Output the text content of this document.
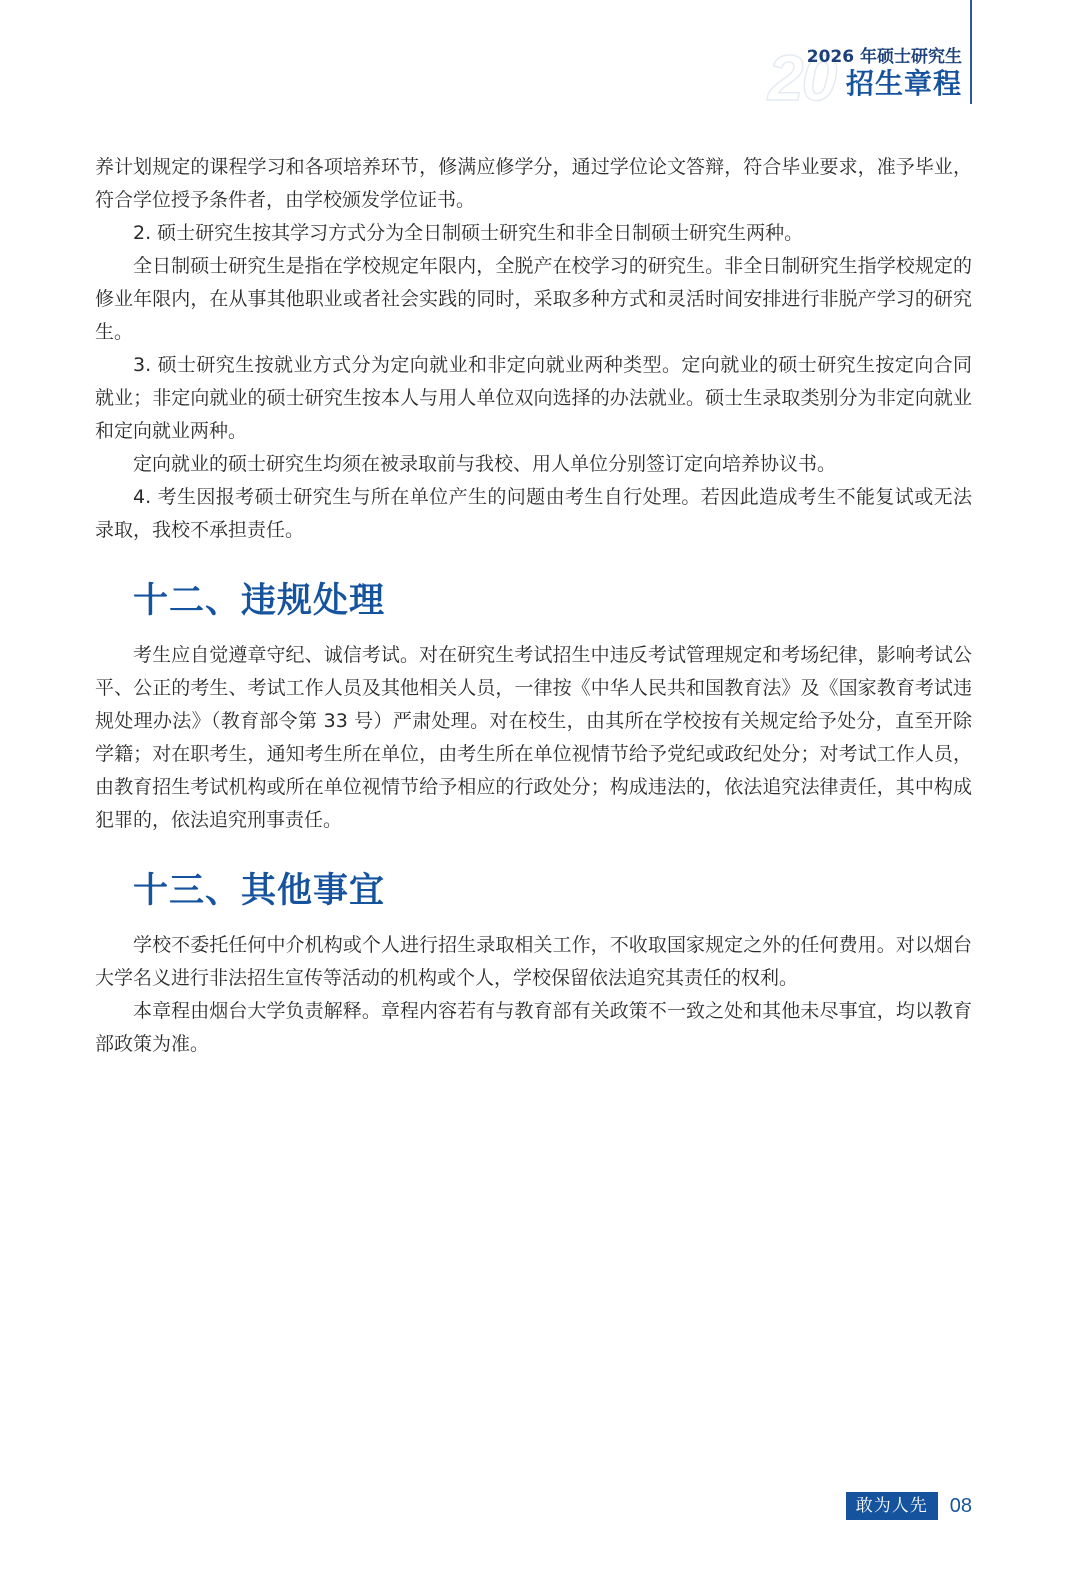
20
2026 年硕士研究生
招生章程

养计划规定的课程学习和各项培养环节，修满应修学分，通过学位论文答辩，符合毕业要求，准予毕业，符合学位授予条件者，由学校颁发学位证书。

2. 硕士研究生按其学习方式分为全日制硕士研究生和非全日制硕士研究生两种。

全日制硕士研究生是指在学校规定年限内，全脱产在校学习的研究生。非全日制研究生指学校规定的修业年限内，在从事其他职业或者社会实践的同时，采取多种方式和灵活时间安排进行非脱产学习的研究生。

3. 硕士研究生按就业方式分为定向就业和非定向就业两种类型。定向就业的硕士研究生按定向合同就业；非定向就业的硕士研究生按本人与用人单位双向选择的办法就业。硕士生录取类别分为非定向就业和定向就业两种。

定向就业的硕士研究生均须在被录取前与我校、用人单位分别签订定向培养协议书。

4. 考生因报考硕士研究生与所在单位产生的问题由考生自行处理。若因此造成考生不能复试或无法录取，我校不承担责任。

十二、违规处理

考生应自觉遵章守纪、诚信考试。对在研究生考试招生中违反考试管理规定和考场纪律，影响考试公平、公正的考生、考试工作人员及其他相关人员，一律按《中华人民共和国教育法》及《国家教育考试违规处理办法》（教育部令第 33 号）严肃处理。对在校生，由其所在学校按有关规定给予处分，直至开除学籍；对在职考生，通知考生所在单位，由考生所在单位视情节给予党纪或政纪处分；对考试工作人员，由教育招生考试机构或所在单位视情节给予相应的行政处分；构成违法的，依法追究法律责任，其中构成犯罪的，依法追究刑事责任。

十三、其他事宜

学校不委托任何中介机构或个人进行招生录取相关工作，不收取国家规定之外的任何费用。对以烟台大学名义进行非法招生宣传等活动的机构或个人，学校保留依法追究其责任的权利。

本章程由烟台大学负责解释。章程内容若有与教育部有关政策不一致之处和其他未尽事宜，均以教育部政策为准。

敢为人先	08
